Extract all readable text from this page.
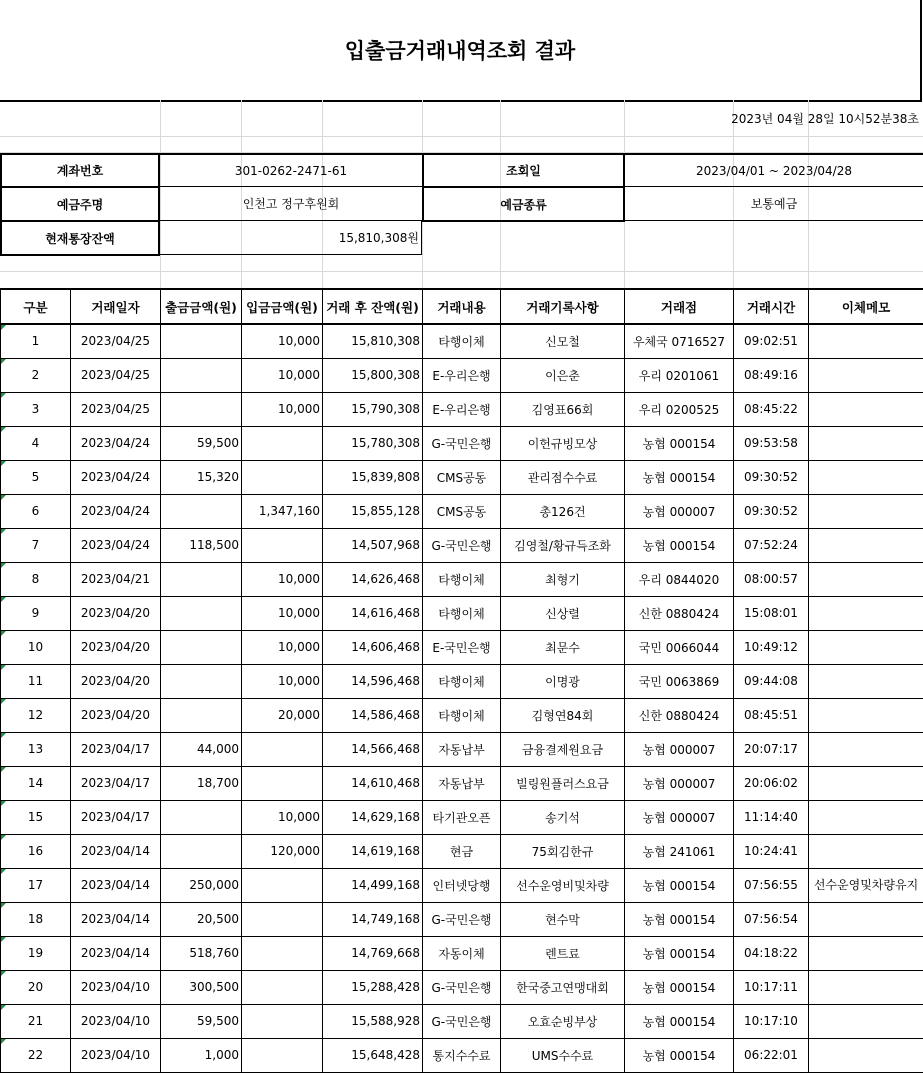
입출금거래내역조회 결과
2023년 04월 28일 10시52분38초
계좌번호	301-0262-2471-61	조회일	2023/04/01 ~ 2023/04/28
예금주명	인천고 정구후원회	예금종류	보통예금
현재통장잔액	15,810,308원
구분	거래일자	출금금액(원)	입금금액(원)	거래 후 잔액(원)	거래내용	거래기록사항	거래점	거래시간	이체메모
1	2023/04/25		10,000	15,810,308	타행이체	신모철	우체국 0716527	09:02:51	
2	2023/04/25		10,000	15,800,308	E-우리은행	이은춘	우리 0201061	08:49:16	
3	2023/04/25		10,000	15,790,308	E-우리은행	김영표66회	우리 0200525	08:45:22	
4	2023/04/24	59,500		15,780,308	G-국민은행	이헌규빙모상	농협 000154	09:53:58	
5	2023/04/24	15,320		15,839,808	CMS공동	관리점수수료	농협 000154	09:30:52	
6	2023/04/24		1,347,160	15,855,128	CMS공동	총126건	농협 000007	09:30:52	
7	2023/04/24	118,500		14,507,968	G-국민은행	김영철/황규득조화	농협 000154	07:52:24	
8	2023/04/21		10,000	14,626,468	타행이체	최형기	우리 0844020	08:00:57	
9	2023/04/20		10,000	14,616,468	타행이체	신상렬	신한 0880424	15:08:01	
10	2023/04/20		10,000	14,606,468	E-국민은행	최문수	국민 0066044	10:49:12	
11	2023/04/20		10,000	14,596,468	타행이체	이명광	국민 0063869	09:44:08	
12	2023/04/20		20,000	14,586,468	타행이체	김형연84회	신한 0880424	08:45:51	
13	2023/04/17	44,000		14,566,468	자동납부	금융결제원요금	농협 000007	20:07:17	
14	2023/04/17	18,700		14,610,468	자동납부	빌링원플러스요금	농협 000007	20:06:02	
15	2023/04/17		10,000	14,629,168	타기관오픈	송기석	농협 000007	11:14:40	
16	2023/04/14		120,000	14,619,168	현금	75회김한규	농협 241061	10:24:41	
17	2023/04/14	250,000		14,499,168	인터넷당행	선수운영비및차량	농협 000154	07:56:55	선수운영및차량유지
18	2023/04/14	20,500		14,749,168	G-국민은행	현수막	농협 000154	07:56:54	
19	2023/04/14	518,760		14,769,668	자동이체	렌트료	농협 000154	04:18:22	
20	2023/04/10	300,500		15,288,428	G-국민은행	한국중고연맹대회	농협 000154	10:17:11	
21	2023/04/10	59,500		15,588,928	G-국민은행	오효순빙부상	농협 000154	10:17:10	
22	2023/04/10	1,000		15,648,428	통지수수료	UMS수수료	농협 000154	06:22:01	
